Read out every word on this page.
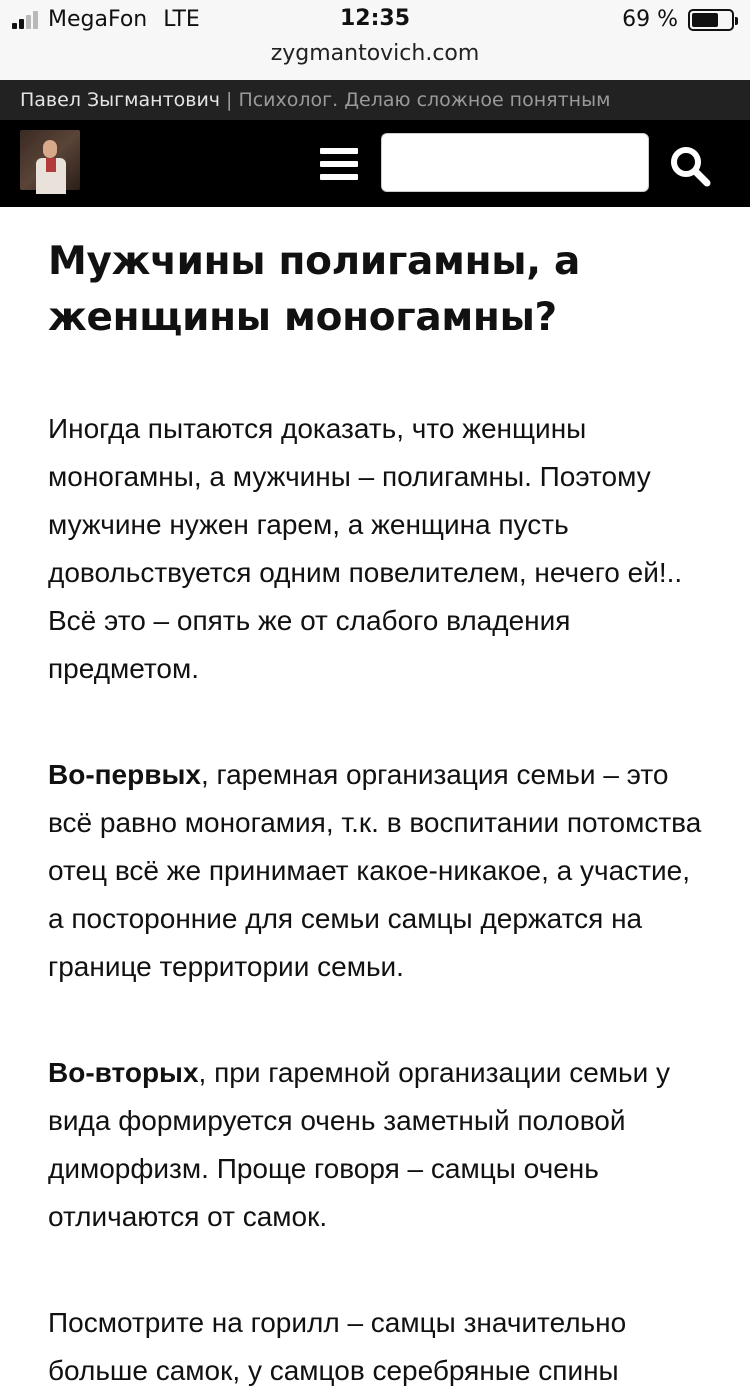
MegaFon LTE	12:35	69 %
zygmantovich.com
Павел Зыгмантович | Психолог. Делаю сложное понятным
Мужчины полигамны, а женщины моногамны?

Иногда пытаются доказать, что женщины моногамны, а мужчины – полигамны. Поэтому мужчине нужен гарем, а женщина пусть довольствуется одним повелителем, нечего ей!.. Всё это – опять же от слабого владения предметом.

Во-первых, гаремная организация семьи – это всё равно моногамия, т.к. в воспитании потомства отец всё же принимает какое-никакое, а участие, а посторонние для семьи самцы держатся на границе территории семьи.

Во-вторых, при гаремной организации семьи у вида формируется очень заметный половой диморфизм. Проще говоря – самцы очень отличаются от самок.

Посмотрите на горилл – самцы значительно больше самок, у самцов серебряные спины
